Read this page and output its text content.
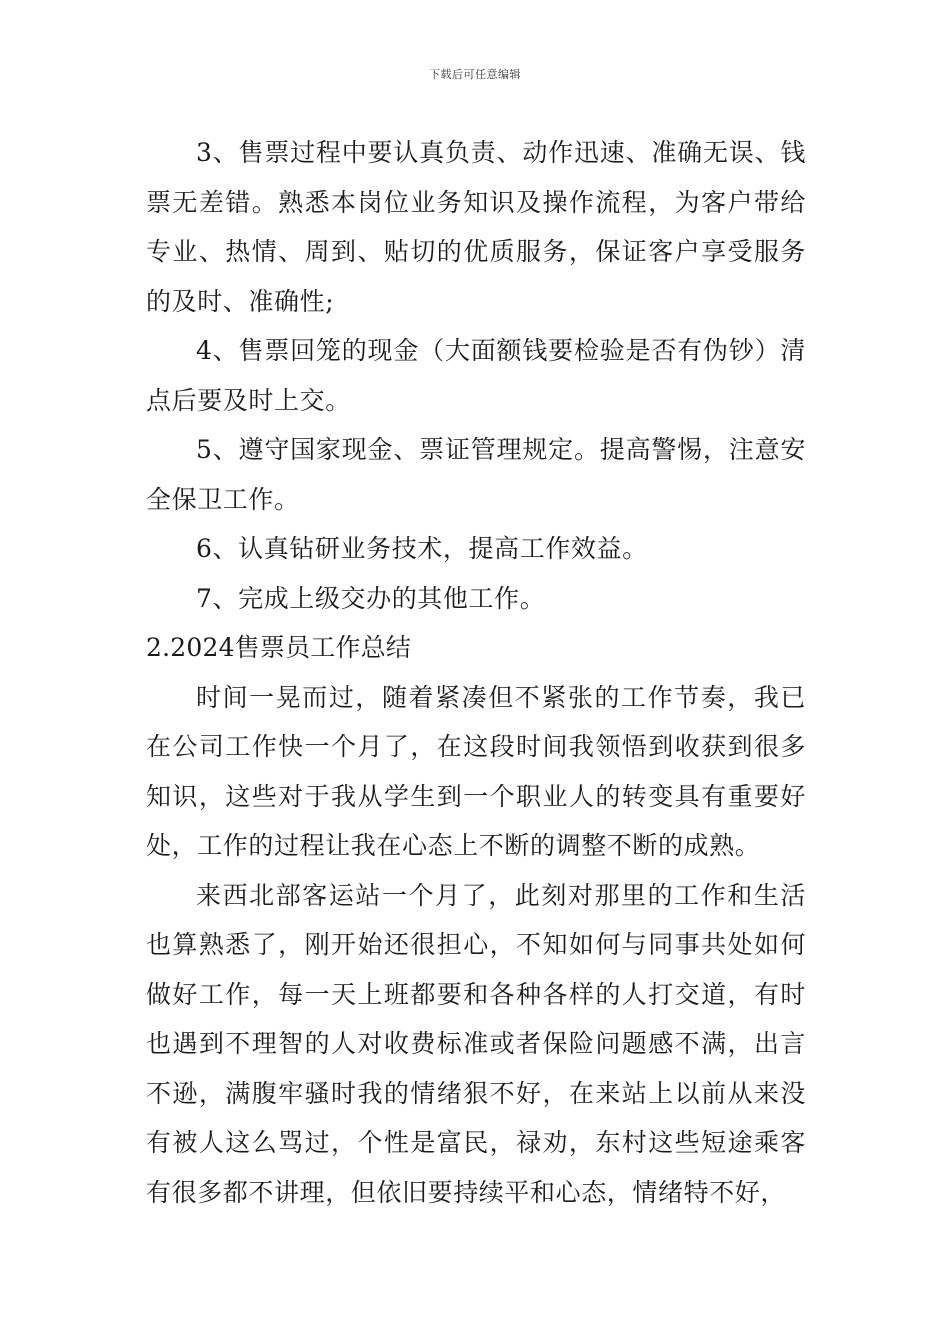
下载后可任意编辑

3、售票过程中要认真负责、动作迅速、准确无误、钱票无差错。熟悉本岗位业务知识及操作流程，为客户带给专业、热情、周到、贴切的优质服务，保证客户享受服务的及时、准确性;

4、售票回笼的现金（大面额钱要检验是否有伪钞）清点后要及时上交。

5、遵守国家现金、票证管理规定。提高警惕，注意安全保卫工作。

6、认真钻研业务技术，提高工作效益。

7、完成上级交办的其他工作。

2.2024售票员工作总结

时间一晃而过，随着紧凑但不紧张的工作节奏，我已在公司工作快一个月了，在这段时间我领悟到收获到很多知识，这些对于我从学生到一个职业人的转变具有重要好处，工作的过程让我在心态上不断的调整不断的成熟。

来西北部客运站一个月了，此刻对那里的工作和生活也算熟悉了，刚开始还很担心，不知如何与同事共处如何做好工作，每一天上班都要和各种各样的人打交道，有时也遇到不理智的人对收费标准或者保险问题感不满，出言不逊，满腹牢骚时我的情绪狠不好，在来站上以前从来没有被人这么骂过，个性是富民，禄劝，东村这些短途乘客有很多都不讲理，但依旧要持续平和心态，情绪特不好，
